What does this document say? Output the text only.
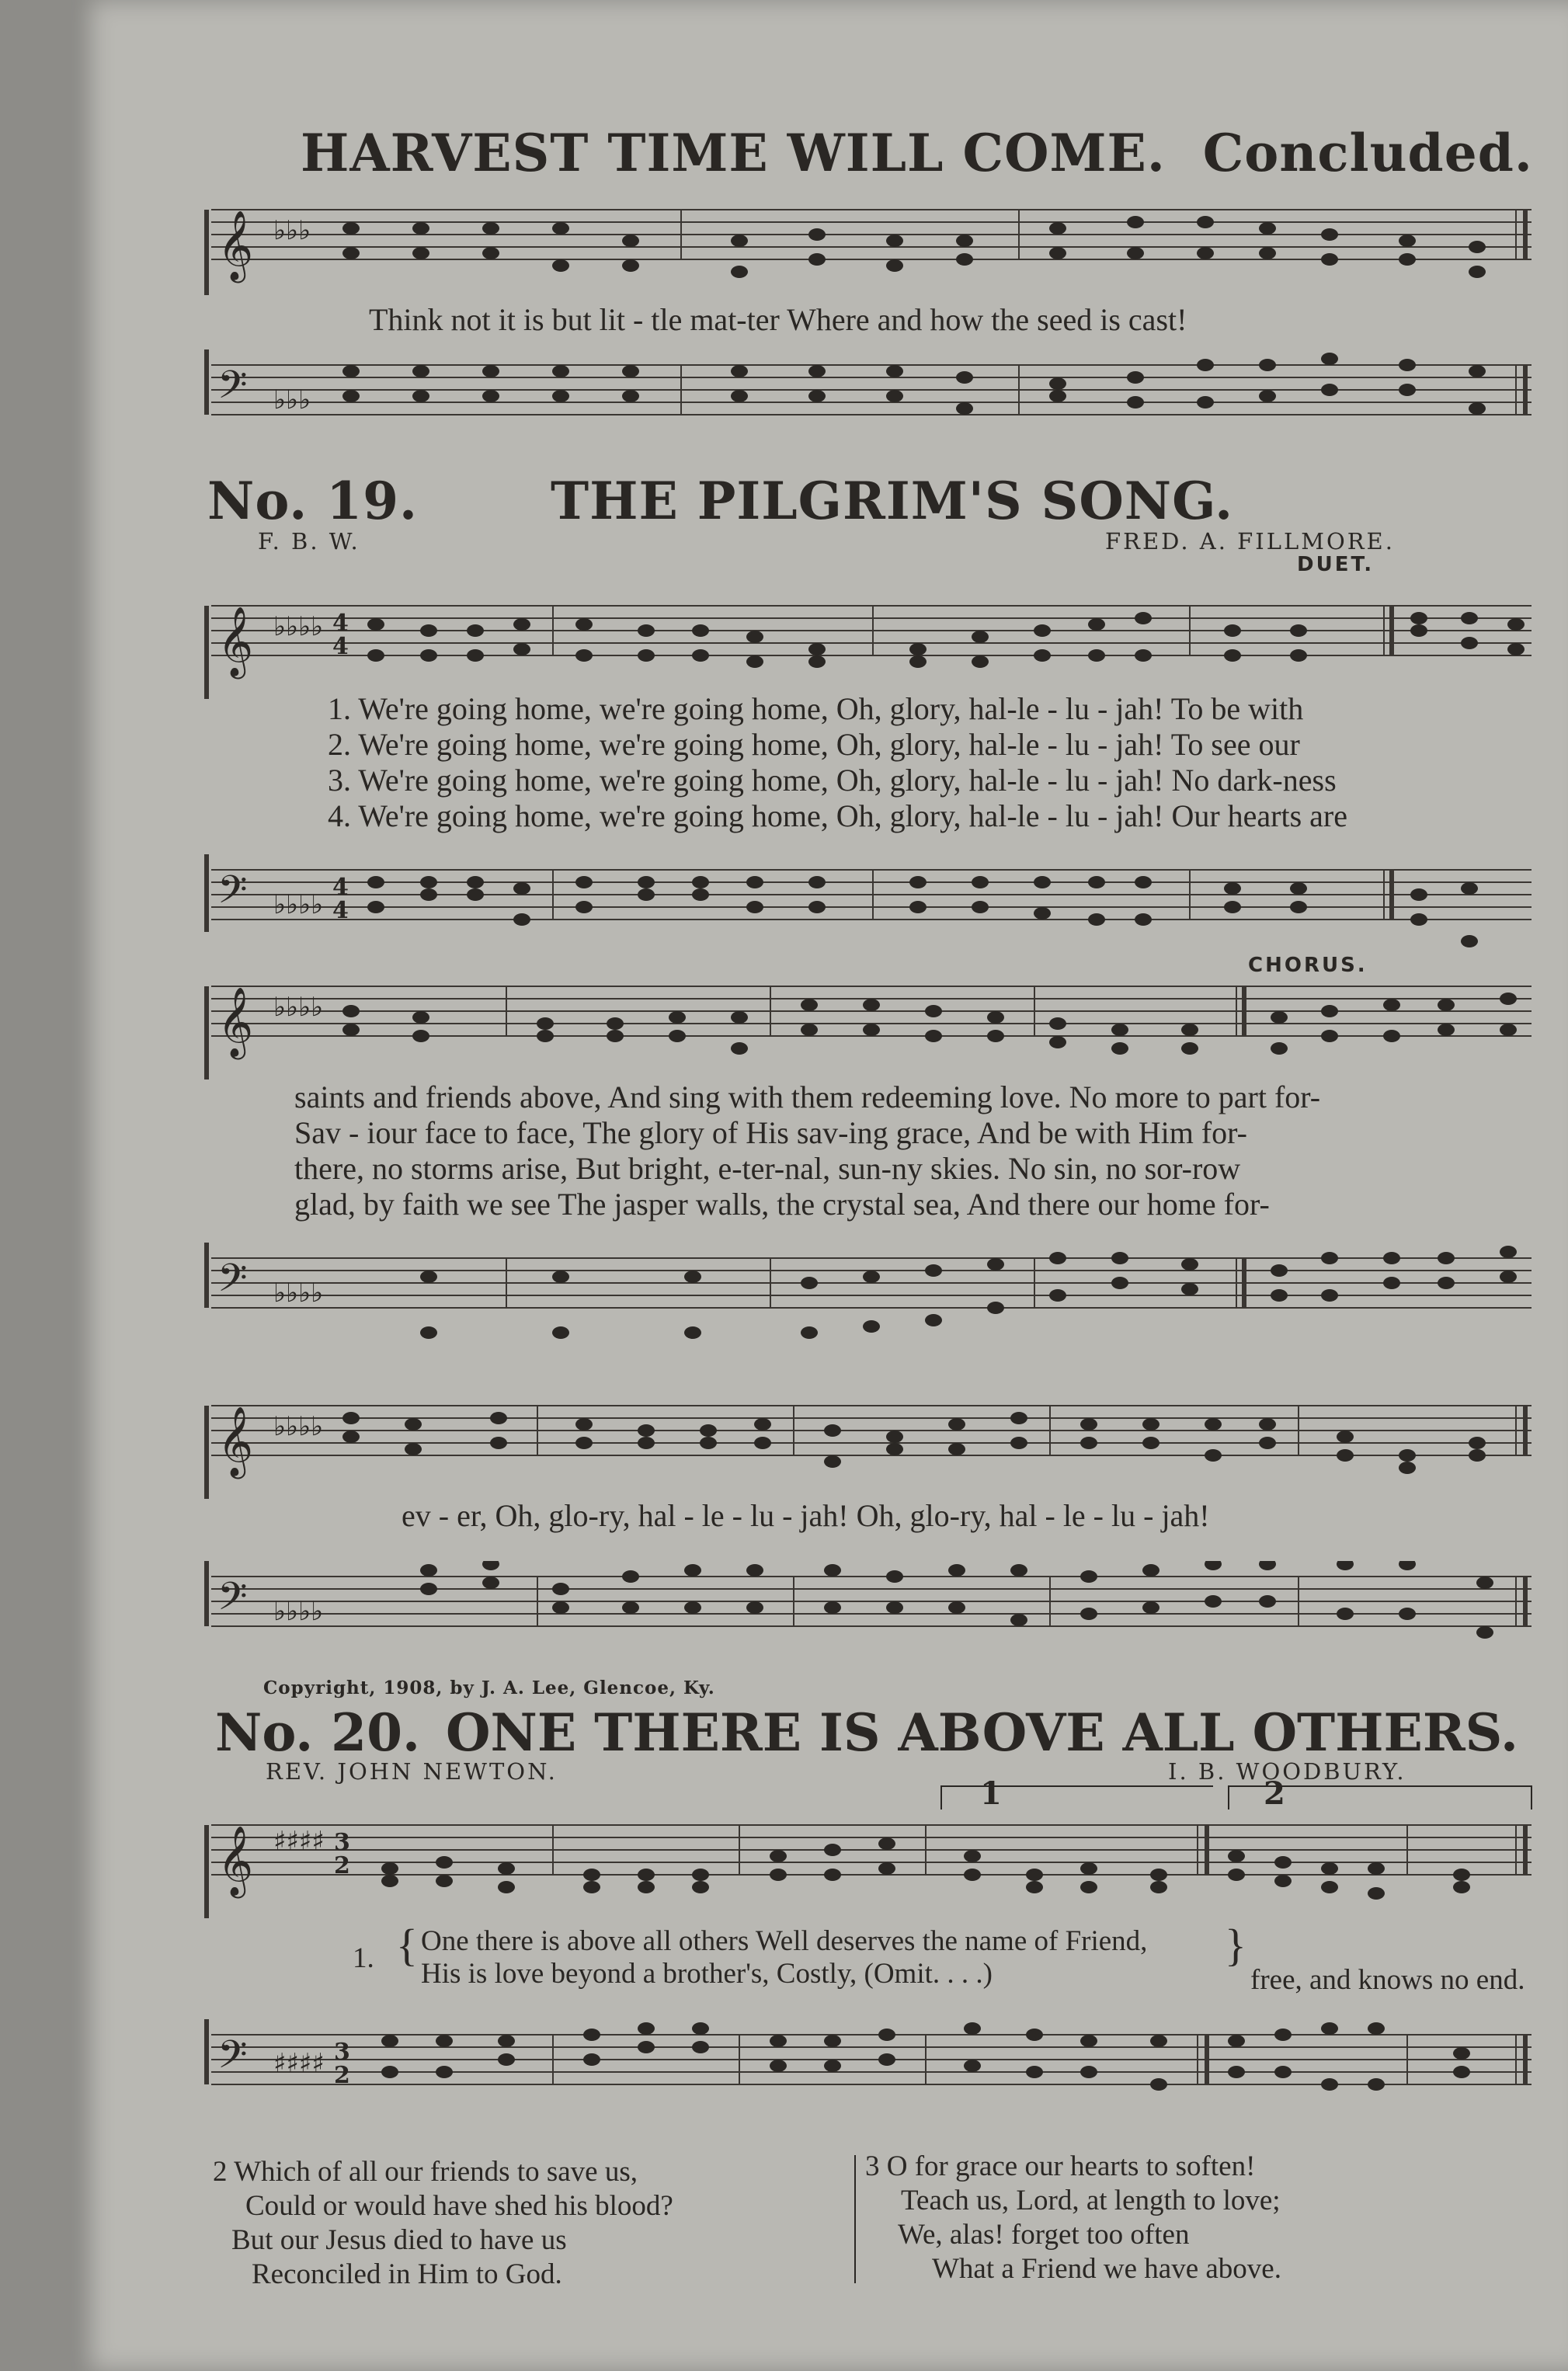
HARVEST TIME WILL COME. Concluded.
𝄞 ♭♭♭
Think not it is but lit - tle mat-ter Where and how the seed is cast!
𝄢 ♭♭♭
No. 19.	THE PILGRIM'S SONG.
F. B. W.	FRED. A. FILLMORE.
DUET.
𝄞 ♭♭♭♭ 4
4
1. We're going home, we're going home, Oh, glory, hal-le - lu - jah! To be with
2. We're going home, we're going home, Oh, glory, hal-le - lu - jah! To see our
3. We're going home, we're going home, Oh, glory, hal-le - lu - jah! No dark-ness
4. We're going home, we're going home, Oh, glory, hal-le - lu - jah! Our hearts are
𝄢 ♭♭♭♭
4
4
CHORUS.
𝄞 ♭♭♭♭
saints and friends above, And sing with them redeeming love. No more to part for-
Sav - iour face to face, The glory of His sav-ing grace, And be with Him for-
there, no storms arise, But bright, e-ter-nal, sun-ny skies. No sin, no sor-row
glad, by faith we see The jasper walls, the crystal sea, And there our home for-
𝄢 ♭♭♭♭
𝄞 ♭♭♭♭
ev - er, Oh, glo-ry, hal - le - lu - jah! Oh, glo-ry, hal - le - lu - jah!
𝄢 ♭♭♭♭
Copyright, 1908, by J. A. Lee, Glencoe, Ky.
No. 20. ONE THERE IS ABOVE ALL OTHERS.
REV. JOHN NEWTON.	I. B. WOODBURY.
1	2
𝄞 ♯♯♯♯ 3
2
1. { One there is above all others Well deserves the name of Friend,
His is love beyond a brother's, Costly, (Omit. . . .)
}
free, and knows no end.
𝄢 ♯♯♯♯ 3
2
2 Which of all our friends to save us,
Could or would have shed his blood?
But our Jesus died to have us
Reconciled in Him to God.
3 O for grace our hearts to soften!
Teach us, Lord, at length to love;
We, alas! forget too often
What a Friend we have above.
